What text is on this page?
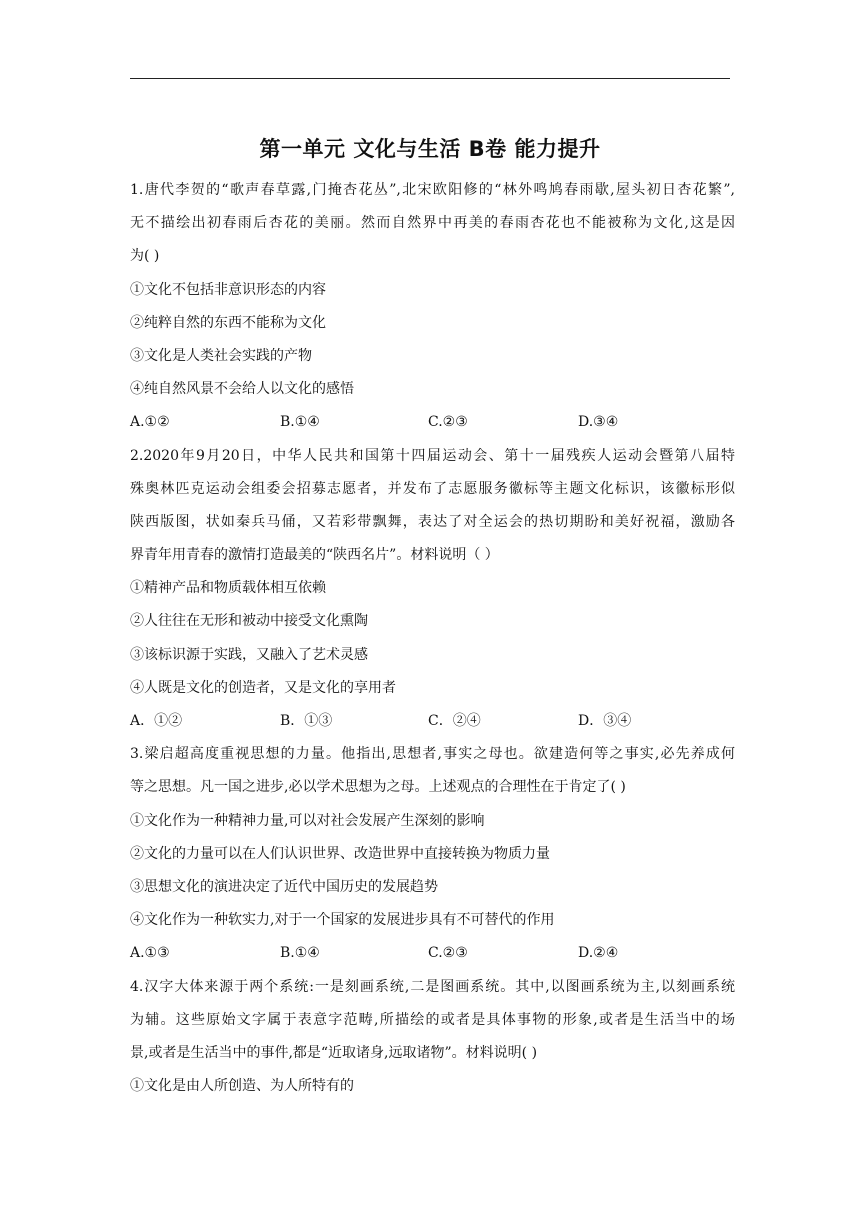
第一单元 文化与生活 B卷 能力提升
1.唐代李贺的“歌声春草露,门掩杏花丛”,北宋欧阳修的“林外鸣鸠春雨歇,屋头初日杏花繁”,
无不描绘出初春雨后杏花的美丽。然而自然界中再美的春雨杏花也不能被称为文化,这是因
为( )
①文化不包括非意识形态的内容
②纯粹自然的东西不能称为文化
③文化是人类社会实践的产物
④纯自然风景不会给人以文化的感悟
A.①②	B.①④	C.②③	D.③④
2.2020年9月20日，中华人民共和国第十四届运动会、第十一届残疾人运动会暨第八届特
殊奥林匹克运动会组委会招募志愿者，并发布了志愿服务徽标等主题文化标识，该徽标形似
陕西版图，状如秦兵马俑，又若彩带飘舞，表达了对全运会的热切期盼和美好祝福，激励各
界青年用青春的激情打造最美的“陕西名片”。材料说明（ ）
①精神产品和物质载体相互依赖
②人往往在无形和被动中接受文化熏陶
③该标识源于实践，又融入了艺术灵感
④人既是文化的创造者，又是文化的享用者
A．①②	B．①③	C．②④	D．③④
3.梁启超高度重视思想的力量。他指出,思想者,事实之母也。欲建造何等之事实,必先养成何
等之思想。凡一国之进步,必以学术思想为之母。上述观点的合理性在于肯定了( )
①文化作为一种精神力量,可以对社会发展产生深刻的影响
②文化的力量可以在人们认识世界、改造世界中直接转换为物质力量
③思想文化的演进决定了近代中国历史的发展趋势
④文化作为一种软实力,对于一个国家的发展进步具有不可替代的作用
A.①③	B.①④	C.②③	D.②④
4.汉字大体来源于两个系统:一是刻画系统,二是图画系统。其中,以图画系统为主,以刻画系统
为辅。这些原始文字属于表意字范畴,所描绘的或者是具体事物的形象,或者是生活当中的场
景,或者是生活当中的事件,都是“近取诸身,远取诸物”。材料说明( )
①文化是由人所创造、为人所特有的
